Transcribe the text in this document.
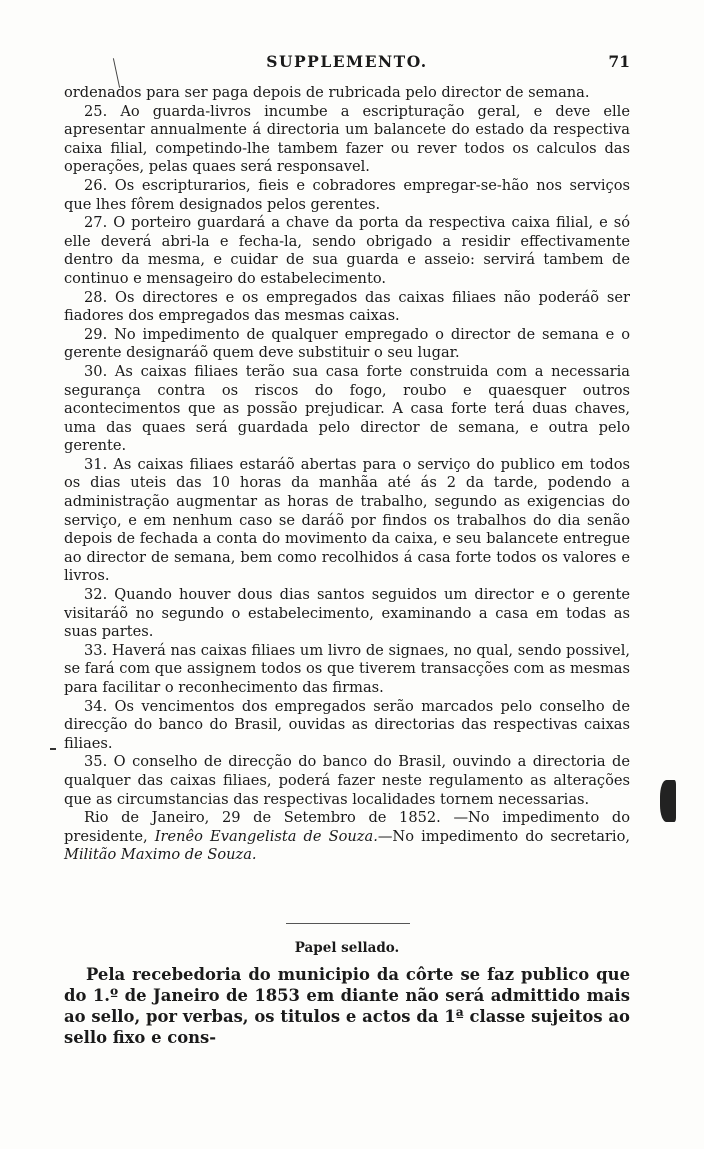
SUPPLEMENTO.	71

ordenados para ser paga depois de rubricada pelo director de semana.

25. Ao guarda-livros incumbe a escripturação geral, e deve elle apresentar annualmente á directoria um balancete do estado da respectiva caixa filial, competindo-lhe tambem fazer ou rever todos os calculos das operações, pelas quaes será responsavel.

26. Os escripturarios, fieis e cobradores empregar-se-hão nos serviços que lhes fôrem designados pelos gerentes.

27. O porteiro guardará a chave da porta da respectiva caixa filial, e só elle deverá abri-la e fecha-la, sendo obrigado a residir effectivamente dentro da mesma, e cuidar de sua guarda e asseio: servirá tambem de continuo e mensageiro do estabelecimento.

28. Os directores e os empregados das caixas filiaes não poderáõ ser fiadores dos empregados das mesmas caixas.

29. No impedimento de qualquer empregado o director de semana e o gerente designaráõ quem deve substituir o seu lugar.

30. As caixas filiaes terão sua casa forte construida com a necessaria segurança contra os riscos do fogo, roubo e quaesquer outros acontecimentos que as possão prejudicar. A casa forte terá duas chaves, uma das quaes será guardada pelo director de semana, e outra pelo gerente.

31. As caixas filiaes estaráõ abertas para o serviço do publico em todos os dias uteis das 10 horas da manhãa até ás 2 da tarde, podendo a administração augmentar as horas de trabalho, segundo as exigencias do serviço, e em nenhum caso se daráõ por findos os trabalhos do dia senão depois de fechada a conta do movimento da caixa, e seu balancete entregue ao director de semana, bem como recolhidos á casa forte todos os valores e livros.

32. Quando houver dous dias santos seguidos um director e o gerente visitaráõ no segundo o estabelecimento, examinando a casa em todas as suas partes.

33. Haverá nas caixas filiaes um livro de signaes, no qual, sendo possivel, se fará com que assignem todos os que tiverem transacções com as mesmas para facilitar o reconhecimento das firmas.

34. Os vencimentos dos empregados serão marcados pelo conselho de direcção do banco do Brasil, ouvidas as directorias das respectivas caixas filiaes.

35. O conselho de direcção do banco do Brasil, ouvindo a directoria de qualquer das caixas filiaes, poderá fazer neste regulamento as alterações que as circumstancias das respectivas localidades tornem necessarias.

Rio de Janeiro, 29 de Setembro de 1852. —No impedimento do presidente, Irenêo Evangelista de Souza.—No impedimento do secretario, Militão Maximo de Souza.

Papel sellado.

Pela recebedoria do municipio da côrte se faz publico que do 1.º de Janeiro de 1853 em diante não será admittido mais ao sello, por verbas, os titulos e actos da 1ª classe sujeitos ao sello fixo e cons-
